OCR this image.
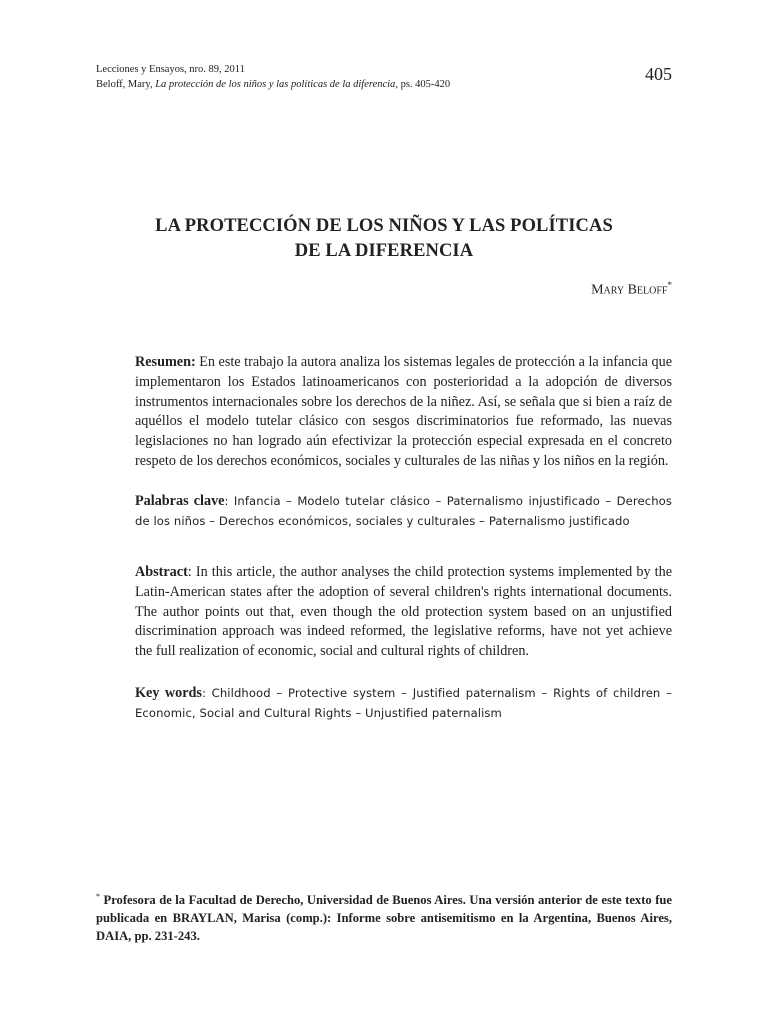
Lecciones y Ensayos, nro. 89, 2011
Beloff, Mary, La protección de los niños y las políticas de la diferencia, ps. 405-420
405
LA PROTECCIÓN DE LOS NIÑOS Y LAS POLÍTICAS
DE LA DIFERENCIA
Mary Beloff*
Resumen: En este trabajo la autora analiza los sistemas legales de protección a la infancia que implementaron los Estados latinoamericanos con posterioridad a la adopción de diversos instrumentos internacionales sobre los derechos de la niñez. Así, se señala que si bien a raíz de aquéllos el modelo tutelar clásico con sesgos discriminatorios fue reformado, las nuevas legislaciones no han logrado aún efectivizar la protección especial expresada en el concreto respeto de los derechos económicos, sociales y culturales de las niñas y los niños en la región.
Palabras clave: Infancia – Modelo tutelar clásico – Paternalismo injustificado – Derechos de los niños – Derechos económicos, sociales y culturales – Paternalismo justificado
Abstract: In this article, the author analyses the child protection systems implemented by the Latin-American states after the adoption of several children's rights international documents. The author points out that, even though the old protection system based on an unjustified discrimination approach was indeed reformed, the legislative reforms, have not yet achieve the full realization of economic, social and cultural rights of children.
Key words: Childhood – Protective system – Justified paternalism – Rights of children – Economic, Social and Cultural Rights – Unjustified paternalism
* Profesora de la Facultad de Derecho, Universidad de Buenos Aires. Una versión anterior de este texto fue publicada en BRAYLAN, Marisa (comp.): Informe sobre antisemitismo en la Argentina, Buenos Aires, DAIA, pp. 231-243.
